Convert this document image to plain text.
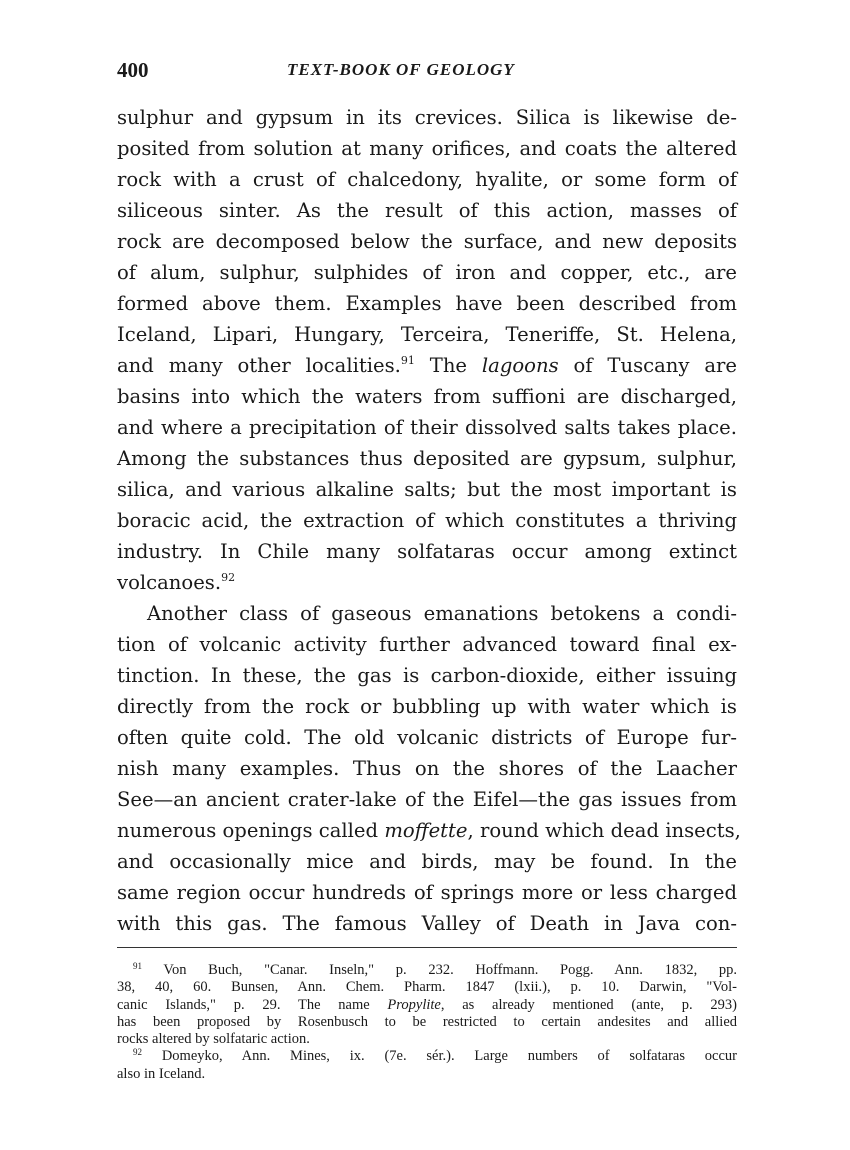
400	TEXT-BOOK OF GEOLOGY
sulphur and gypsum in its crevices. Silica is likewise de-
posited from solution at many orifices, and coats the altered
rock with a crust of chalcedony, hyalite, or some form of
siliceous sinter. As the result of this action, masses of
rock are decomposed below the surface, and new deposits
of alum, sulphur, sulphides of iron and copper, etc., are
formed above them. Examples have been described from
Iceland, Lipari, Hungary, Terceira, Teneriffe, St. Helena,
and many other localities.$^{91}$ The lagoons of Tuscany are
basins into which the waters from suffioni are discharged,
and where a precipitation of their dissolved salts takes place.
Among the substances thus deposited are gypsum, sulphur,
silica, and various alkaline salts; but the most important is
boracic acid, the extraction of which constitutes a thriving
industry. In Chile many solfataras occur among extinct
volcanoes.$^{92}$
Another class of gaseous emanations betokens a condi-
tion of volcanic activity further advanced toward final ex-
tinction. In these, the gas is carbon-dioxide, either issuing
directly from the rock or bubbling up with water which is
often quite cold. The old volcanic districts of Europe fur-
nish many examples. Thus on the shores of the Laacher
See—an ancient crater-lake of the Eifel—the gas issues from
numerous openings called moffette, round which dead insects,
and occasionally mice and birds, may be found. In the
same region occur hundreds of springs more or less charged
with this gas. The famous Valley of Death in Java con-
$^{91}$ Von Buch, "Canar. Inseln," p. 232. Hoffmann. Pogg. Ann. 1832, pp.
38, 40, 60. Bunsen, Ann. Chem. Pharm. 1847 (lxii.), p. 10. Darwin, "Vol-
canic Islands," p. 29. The name Propylite, as already mentioned (ante, p. 293)
has been proposed by Rosenbusch to be restricted to certain andesites and allied
rocks altered by solfataric action.
$^{92}$ Domeyko, Ann. Mines, ix. (7e. sér.). Large numbers of solfataras occur
also in Iceland.
